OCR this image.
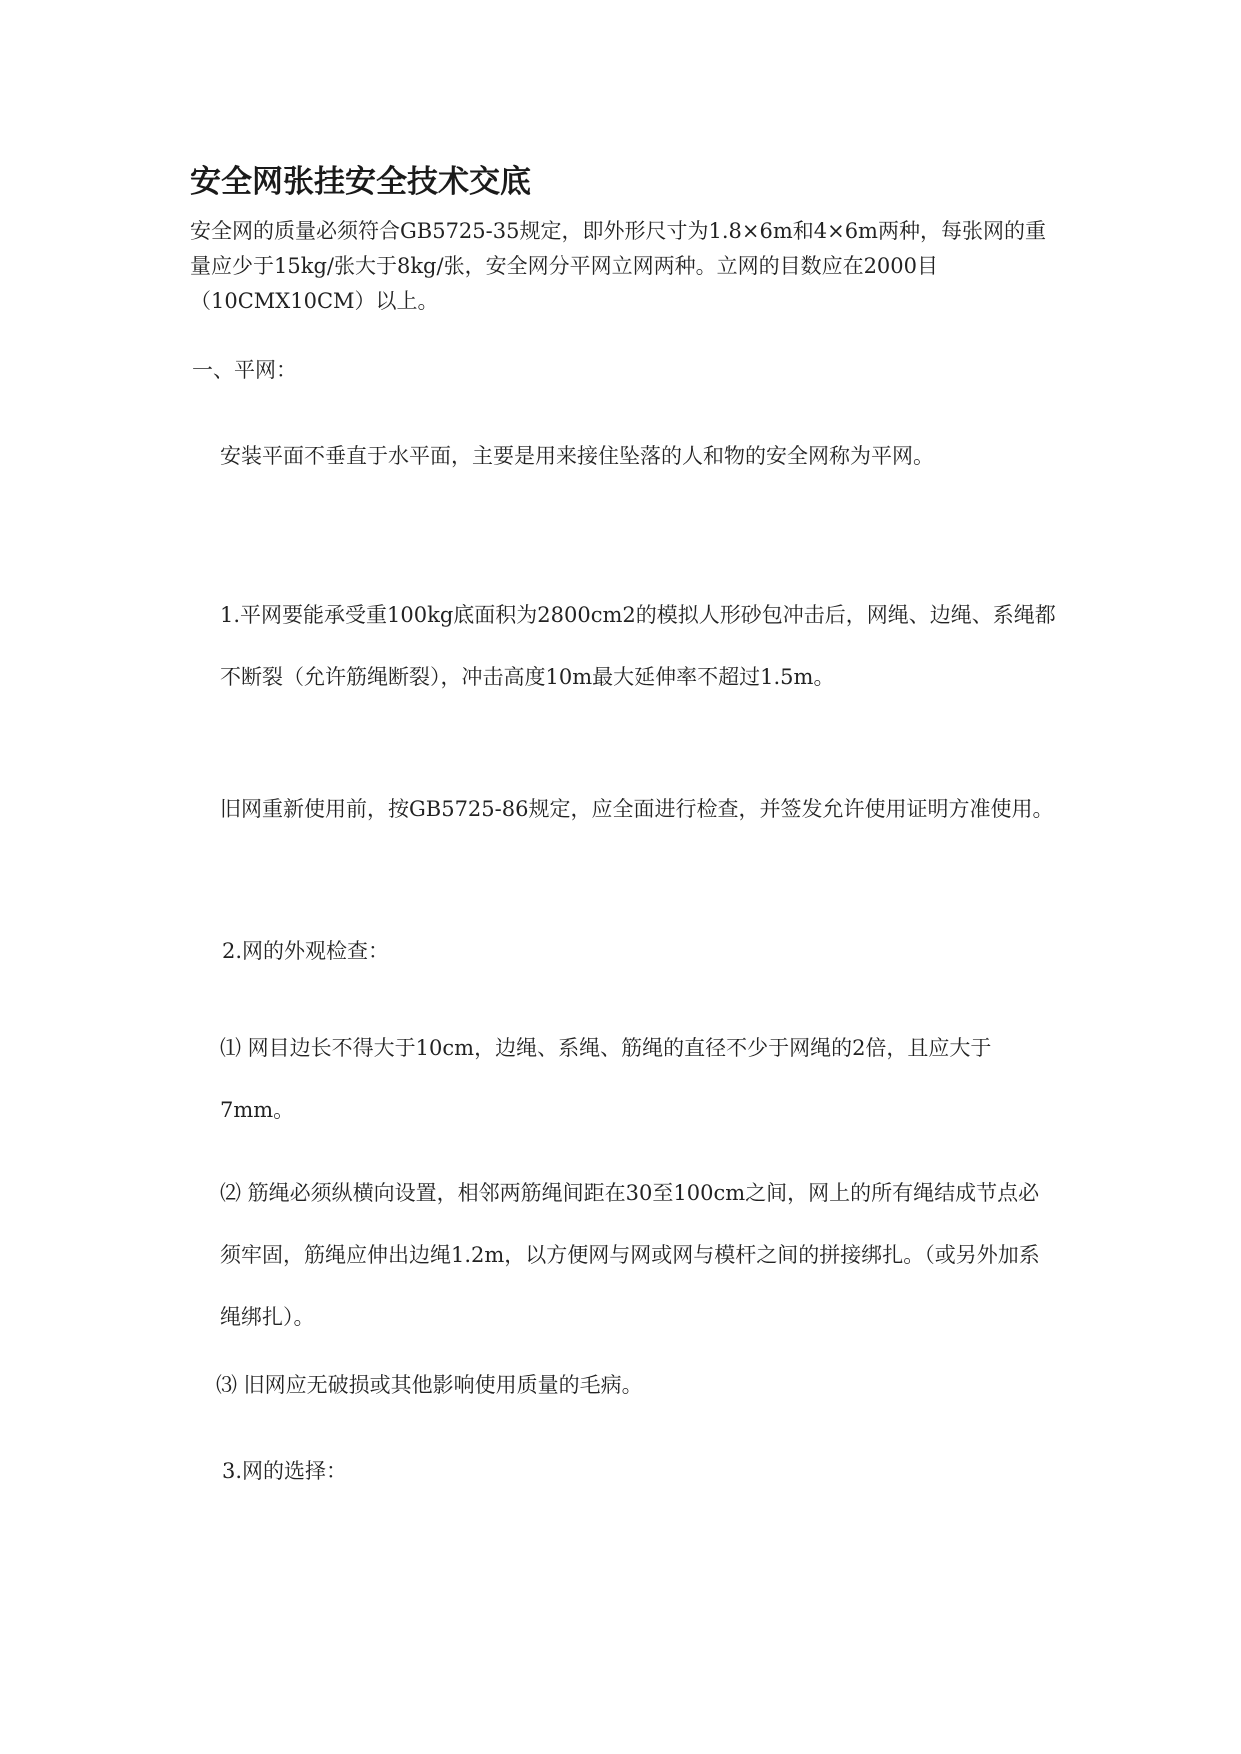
安全网张挂安全技术交底

安全网的质量必须符合GB5725-35规定，即外形尺寸为1.8×6m和4×6m两种，每张网的重量应少于15kg/张大于8kg/张，安全网分平网立网两种。立网的目数应在2000目（10CMX10CM）以上。

一、平网：

安装平面不垂直于水平面，主要是用来接住坠落的人和物的安全网称为平网。

1.平网要能承受重100kg底面积为2800cm2的模拟人形砂包冲击后，网绳、边绳、系绳都不断裂（允许筋绳断裂），冲击高度10m最大延伸率不超过1.5m。

旧网重新使用前，按GB5725-86规定，应全面进行检查，并签发允许使用证明方准使用。

2.网的外观检查：

⑴ 网目边长不得大于10cm，边绳、系绳、筋绳的直径不少于网绳的2倍，且应大于7mm。

⑵ 筋绳必须纵横向设置，相邻两筋绳间距在30至100cm之间，网上的所有绳结成节点必须牢固，筋绳应伸出边绳1.2m，以方便网与网或网与模杆之间的拼接绑扎。（或另外加系绳绑扎）。

⑶ 旧网应无破损或其他影响使用质量的毛病。

3.网的选择：
